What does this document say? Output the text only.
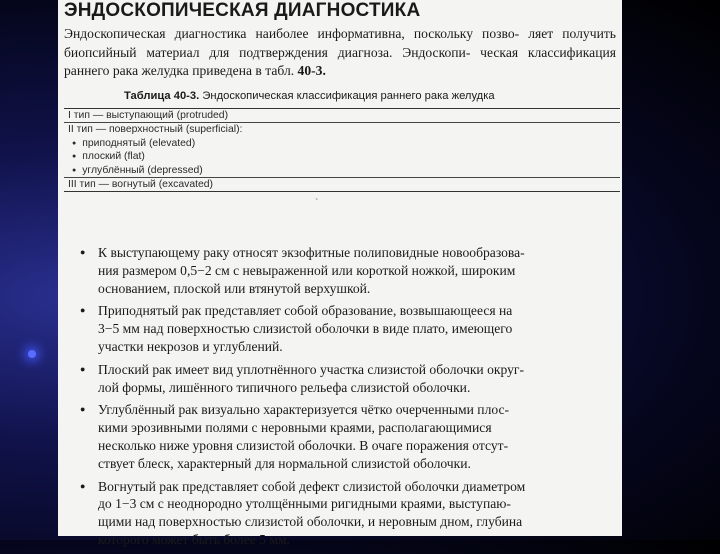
ЭНДОСКОПИЧЕСКАЯ ДИАГНОСТИКА
Эндоскопическая диагностика наиболее информативна, поскольку позво- ляет получить биопсийный материал для подтверждения диагноза. Эндоскопи- ческая классификация раннего рака желудка приведена в табл. 40-3.
Таблица 40-3. Эндоскопическая классификация раннего рака желудка
I тип — выступающий (protruded)
II тип — поверхностный (superficial):
● приподнятый (elevated)
● плоский (flat)
● углублённый (depressed)
III тип — вогнутый (excavated)
`
● К выступающему раку относят экзофитные полиповидные новообразова-
ния размером 0,5−2 см с невыраженной или короткой ножкой, широким
основанием, плоской или втянутой верхушкой.
● Приподнятый рак представляет собой образование, возвышающееся на
3−5 мм над поверхностью слизистой оболочки в виде плато, имеющего
участки некрозов и углублений.
● Плоский рак имеет вид уплотнённого участка слизистой оболочки округ-
лой формы, лишённого типичного рельефа слизистой оболочки.
● Углублённый рак визуально характеризуется чётко очерченными плос-
кими эрозивными полями с неровными краями, располагающимися
несколько ниже уровня слизистой оболочки. В очаге поражения отсут-
ствует блеск, характерный для нормальной слизистой оболочки.
● Вогнутый рак представляет собой дефект слизистой оболочки диаметром
до 1−3 см с неоднородно утолщёнными ригидными краями, выступаю-
щими над поверхностью слизистой оболочки, и неровным дном, глубина
которого может быть более 5 мм.
